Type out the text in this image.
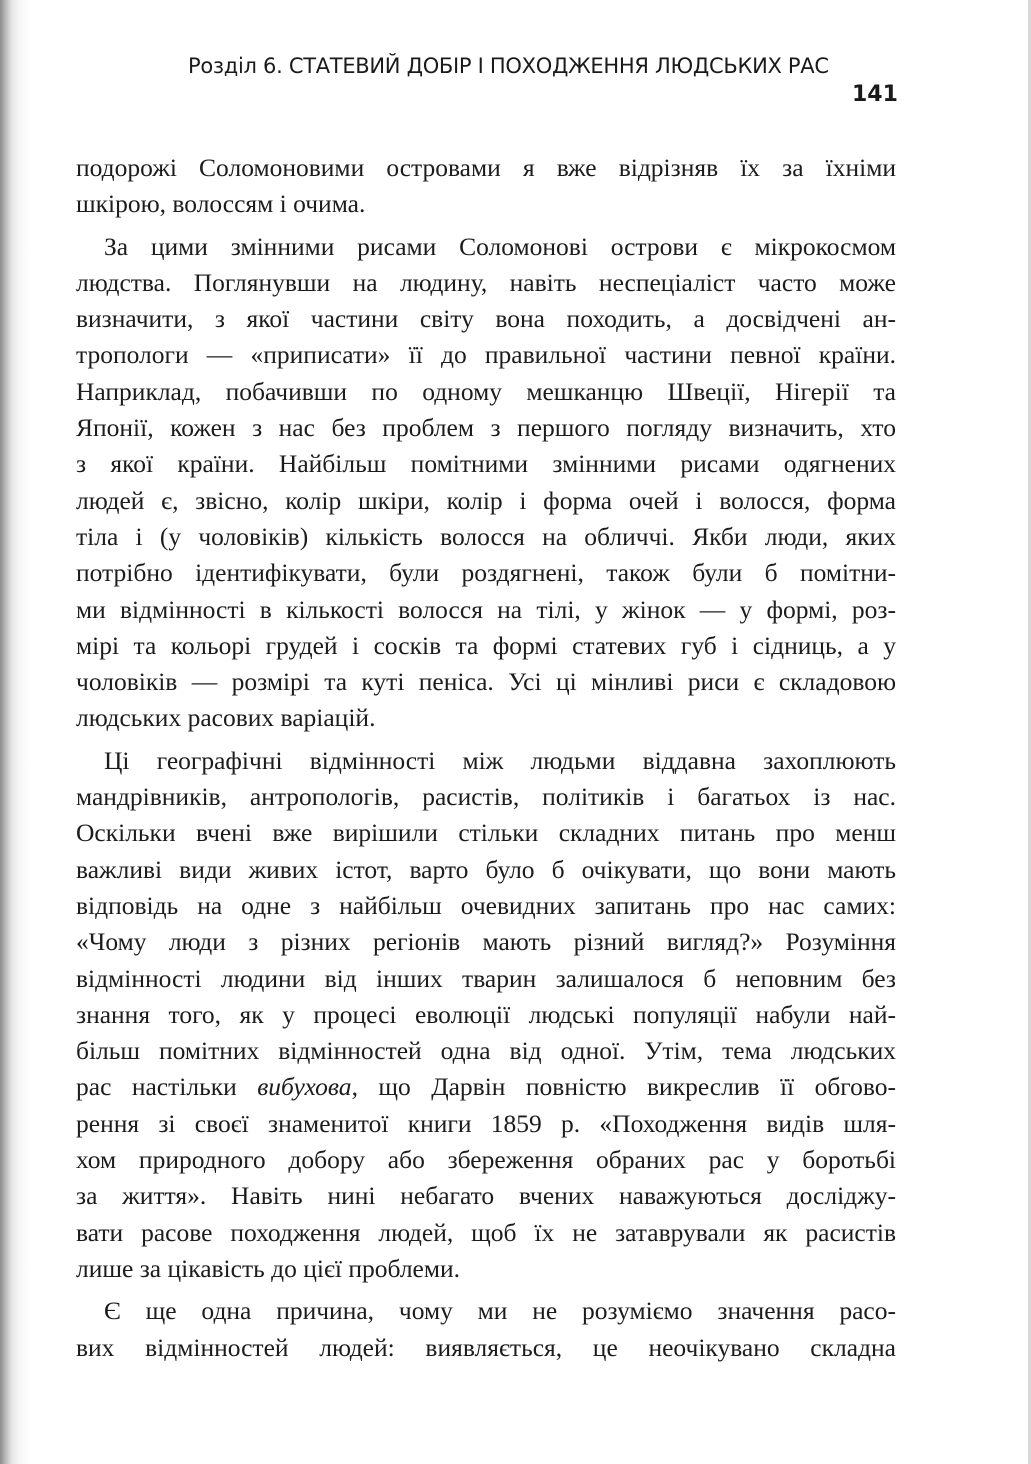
Розділ 6. СТАТЕВИЙ ДОБІР І ПОХОДЖЕННЯ ЛЮДСЬКИХ РАС
141
подорожі Соломоновими островами я вже відрізняв їх за їхніми
шкірою, волоссям і очима.
За цими змінними рисами Соломонові острови є мікрокосмом
людства. Поглянувши на людину, навіть неспеціаліст часто може
визначити, з якої частини світу вона походить, а досвідчені ан-
тропологи — «приписати» її до правильної частини певної країни.
Наприклад, побачивши по одному мешканцю Швеції, Нігерії та
Японії, кожен з нас без проблем з першого погляду визначить, хто
з якої країни. Найбільш помітними змінними рисами одягнених
людей є, звісно, колір шкіри, колір і форма очей і волосся, форма
тіла і (у чоловіків) кількість волосся на обличчі. Якби люди, яких
потрібно ідентифікувати, були роздягнені, також були б помітни-
ми відмінності в кількості волосся на тілі, у жінок — у формі, роз-
мірі та кольорі грудей і сосків та формі статевих губ і сідниць, а у
чоловіків — розмірі та куті пеніса. Усі ці мінливі риси є складовою
людських расових варіацій.
Ці географічні відмінності між людьми віддавна захоплюють
мандрівників, антропологів, расистів, політиків і багатьох із нас.
Оскільки вчені вже вирішили стільки складних питань про менш
важливі види живих істот, варто було б очікувати, що вони мають
відповідь на одне з найбільш очевидних запитань про нас самих:
«Чому люди з різних регіонів мають різний вигляд?» Розуміння
відмінності людини від інших тварин залишалося б неповним без
знання того, як у процесі еволюції людські популяції набули най-
більш помітних відмінностей одна від одної. Утім, тема людських
рас настільки вибухова, що Дарвін повністю викреслив її обгово-
рення зі своєї знаменитої книги 1859 р. «Походження видів шля-
хом природного добору або збереження обраних рас у боротьбі
за життя». Навіть нині небагато вчених наважуються досліджу-
вати расове походження людей, щоб їх не затаврували як расистів
лише за цікавість до цієї проблеми.
Є ще одна причина, чому ми не розуміємо значення расо-
вих відмінностей людей: виявляється, це неочікувано складна
